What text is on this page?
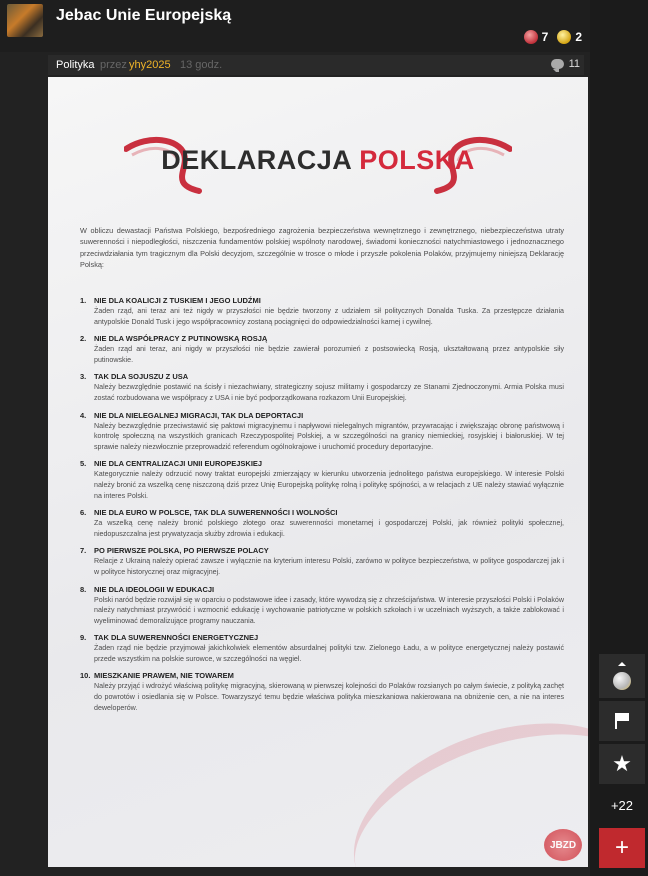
Jebac Unie Europejską
7 2
Polityka przez yhy2025 13 godz.	11
DEKLARACJA POLSKA
W obliczu dewastacji Państwa Polskiego, bezpośredniego zagrożenia bezpieczeństwa wewnętrznego i zewnętrznego, niebezpieczeństwa utraty suwerenności i niepodległości, niszczenia fundamentów polskiej wspólnoty narodowej, świadomi konieczności natychmiastowego i jednoznacznego przeciwdziałania tym tragicznym dla Polski decyzjom, szczególnie w trosce o młode i przyszłe pokolenia Polaków, przyjmujemy niniejszą Deklarację Polską:
1. NIE DLA KOALICJI Z TUSKIEM I JEGO LUDŹMI
Żaden rząd, ani teraz ani też nigdy w przyszłości nie będzie tworzony z udziałem sił politycznych Donalda Tuska. Za przestępcze działania antypolskie Donald Tusk i jego współpracownicy zostaną pociągnięci do odpowiedzialności karnej i cywilnej.
2. NIE DLA WSPÓŁPRACY Z PUTINOWSKĄ ROSJĄ
Żaden rząd ani teraz, ani nigdy w przyszłości nie będzie zawierał porozumień z postsowiecką Rosją, ukształtowaną przez antypolskie siły putinowskie.
3. TAK DLA SOJUSZU Z USA
Należy bezwzględnie postawić na ścisły i niezachwiany, strategiczny sojusz militarny i gospodarczy ze Stanami Zjednoczonymi. Armia Polska musi zostać rozbudowana we współpracy z USA i nie być podporządkowana rozkazom Unii Europejskiej.
4. NIE DLA NIELEGALNEJ MIGRACJI, TAK DLA DEPORTACJI
Należy bezwzględnie przeciwstawić się paktowi migracyjnemu i napływowi nielegalnych migrantów, przywracając i zwiększając obronę państwową i kontrolę społeczną na wszystkich granicach Rzeczypospolitej Polskiej, a w szczególności na granicy niemieckiej, rosyjskiej i białoruskiej. W tej sprawie należy niezwłocznie przeprowadzić referendum ogólnokrajowe i uruchomić procedury deportacyjne.
5. NIE DLA CENTRALIZACJI UNII EUROPEJSKIEJ
Kategorycznie należy odrzucić nowy traktat europejski zmierzający w kierunku utworzenia jednolitego państwa europejskiego. W interesie Polski należy bronić za wszelką cenę niszczoną dziś przez Unię Europejską politykę rolną i politykę spójności, a w relacjach z UE należy stawiać wyłącznie na interes Polski.
6. NIE DLA EURO W POLSCE, TAK DLA SUWERENNOŚCI I WOLNOŚCI
Za wszelką cenę należy bronić polskiego złotego oraz suwerenności monetarnej i gospodarczej Polski, jak również polityki społecznej, niedopuszczalna jest prywatyzacja służby zdrowia i edukacji.
7. PO PIERWSZE POLSKA, PO PIERWSZE POLACY
Relacje z Ukrainą należy opierać zawsze i wyłącznie na kryterium interesu Polski, zarówno w polityce bezpieczeństwa, w polityce gospodarczej jak i w polityce historycznej oraz migracyjnej.
8. NIE DLA IDEOLOGII W EDUKACJI
Polski naród będzie rozwijał się w oparciu o podstawowe idee i zasady, które wywodzą się z chrześcijaństwa. W interesie przyszłości Polski i Polaków należy natychmiast przywrócić i wzmocnić edukację i wychowanie patriotyczne w polskich szkołach i w uczelniach wyższych, a także zablokować i wyeliminować demoralizujące programy nauczania.
9. TAK DLA SUWERENNOŚCI ENERGETYCZNEJ
Żaden rząd nie będzie przyjmował jakichkolwiek elementów absurdalnej polityki tzw. Zielonego Ładu, a w polityce energetycznej należy postawić przede wszystkim na polskie surowce, w szczególności na węgiel.
10. MIESZKANIE PRAWEM, NIE TOWAREM
Należy przyjąć i wdrożyć właściwą politykę migracyjną, skierowaną w pierwszej kolejności do Polaków rozsianych po całym świecie, z polityką zachęt do powrotów i osiedlania się w Polsce. Towarzyszyć temu będzie właściwa polityka mieszkaniowa nakierowana na obniżenie cen, a nie na interes deweloperów.
JBZD
★
+22
+
